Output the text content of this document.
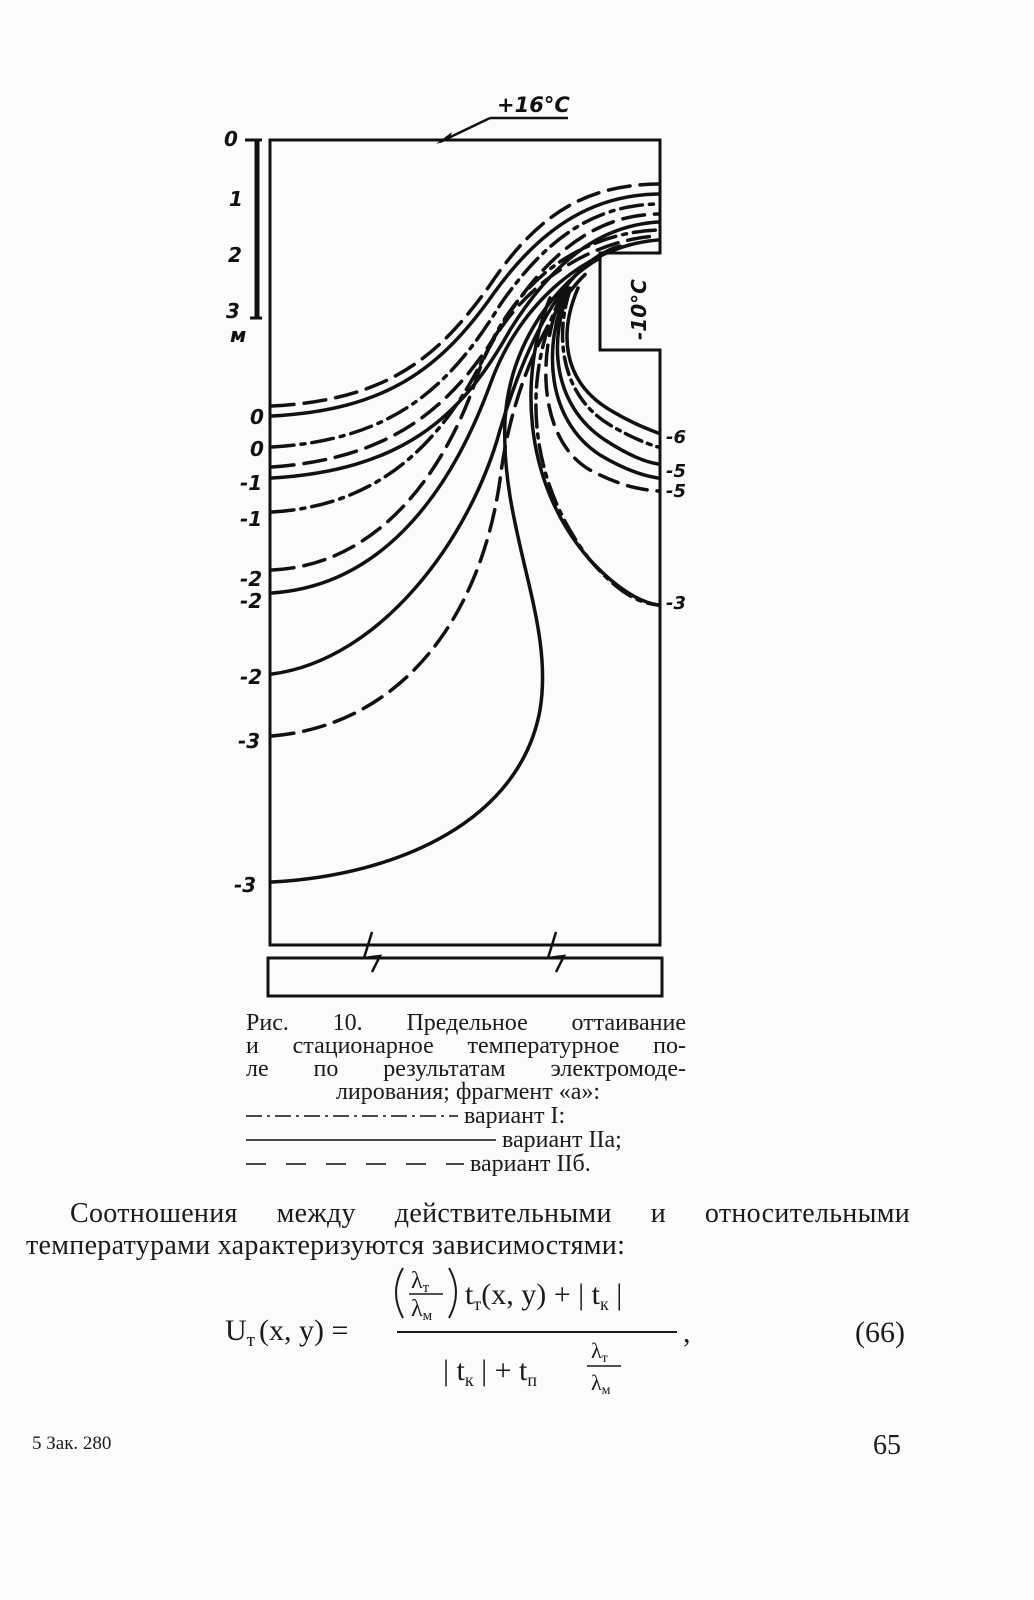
+16°C
0
1
2
3
м	-10°C
0
0
-1
-1
-2
-2
-2
-3
-3
-6
-5
-5
-3
Рис. 10. Предельное оттаивание
и стационарное температурное по-
ле по результатам электромоде-
лирования; фрагмент «а»:
вариант I:
вариант IIа;
вариант IIб.
Соотношения между действительными и относительными
температурами характеризуются зависимостями:
$U_т$ (x, y) =
λт
λм
$t_т(x$, y) + | $t_к$ |
,
| $t_к$ | + $t_п$
λт
λм
(66)
5 Зак. 280	65
